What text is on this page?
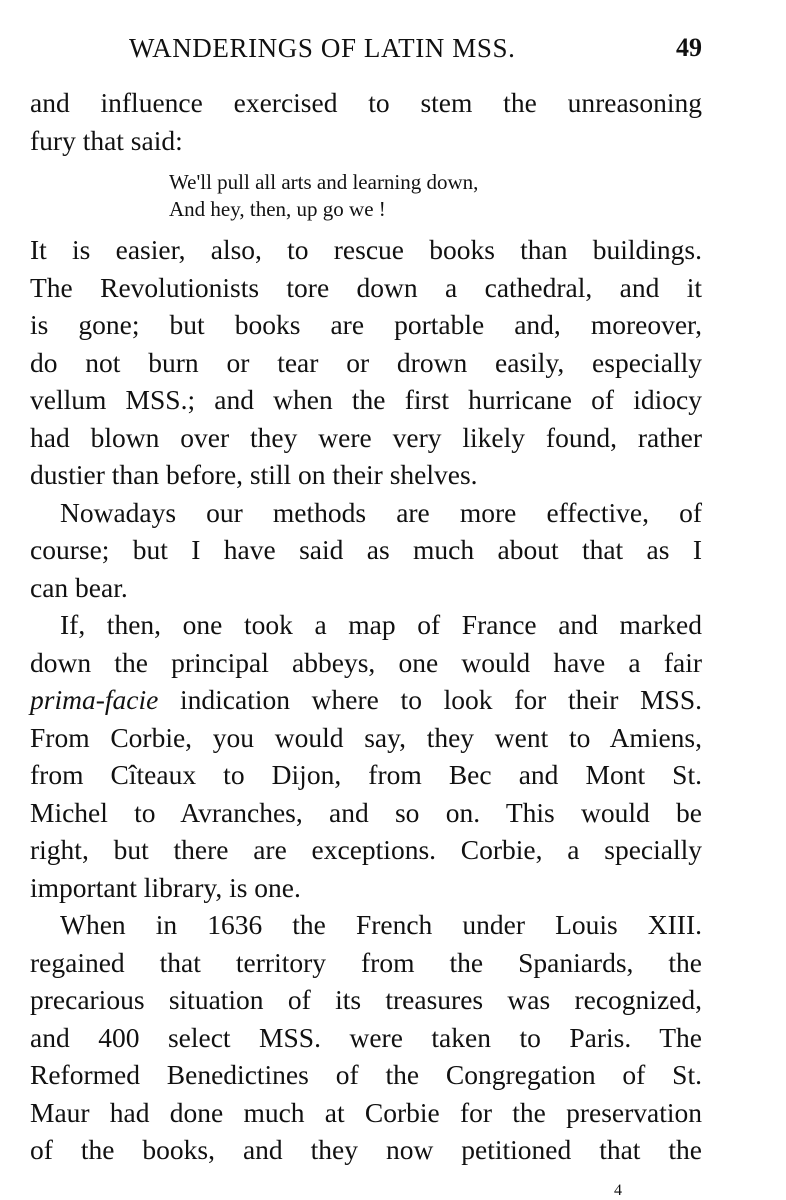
WANDERINGS OF LATIN MSS.	49
and influence exercised to stem the unreasoning
fury that said:
We'll pull all arts and learning down,
And hey, then, up go we !
It is easier, also, to rescue books than buildings.
The Revolutionists tore down a cathedral, and it
is gone; but books are portable and, moreover,
do not burn or tear or drown easily, especially
vellum MSS.; and when the first hurricane of idiocy
had blown over they were very likely found, rather
dustier than before, still on their shelves.
Nowadays our methods are more effective, of
course; but I have said as much about that as I
can bear.
If, then, one took a map of France and marked
down the principal abbeys, one would have a fair
prima-facie indication where to look for their MSS.
From Corbie, you would say, they went to Amiens,
from Cîteaux to Dijon, from Bec and Mont St.
Michel to Avranches, and so on. This would be
right, but there are exceptions. Corbie, a specially
important library, is one.
When in 1636 the French under Louis XIII.
regained that territory from the Spaniards, the
precarious situation of its treasures was recognized,
and 400 select MSS. were taken to Paris. The
Reformed Benedictines of the Congregation of St.
Maur had done much at Corbie for the preservation
of the books, and they now petitioned that the
4
